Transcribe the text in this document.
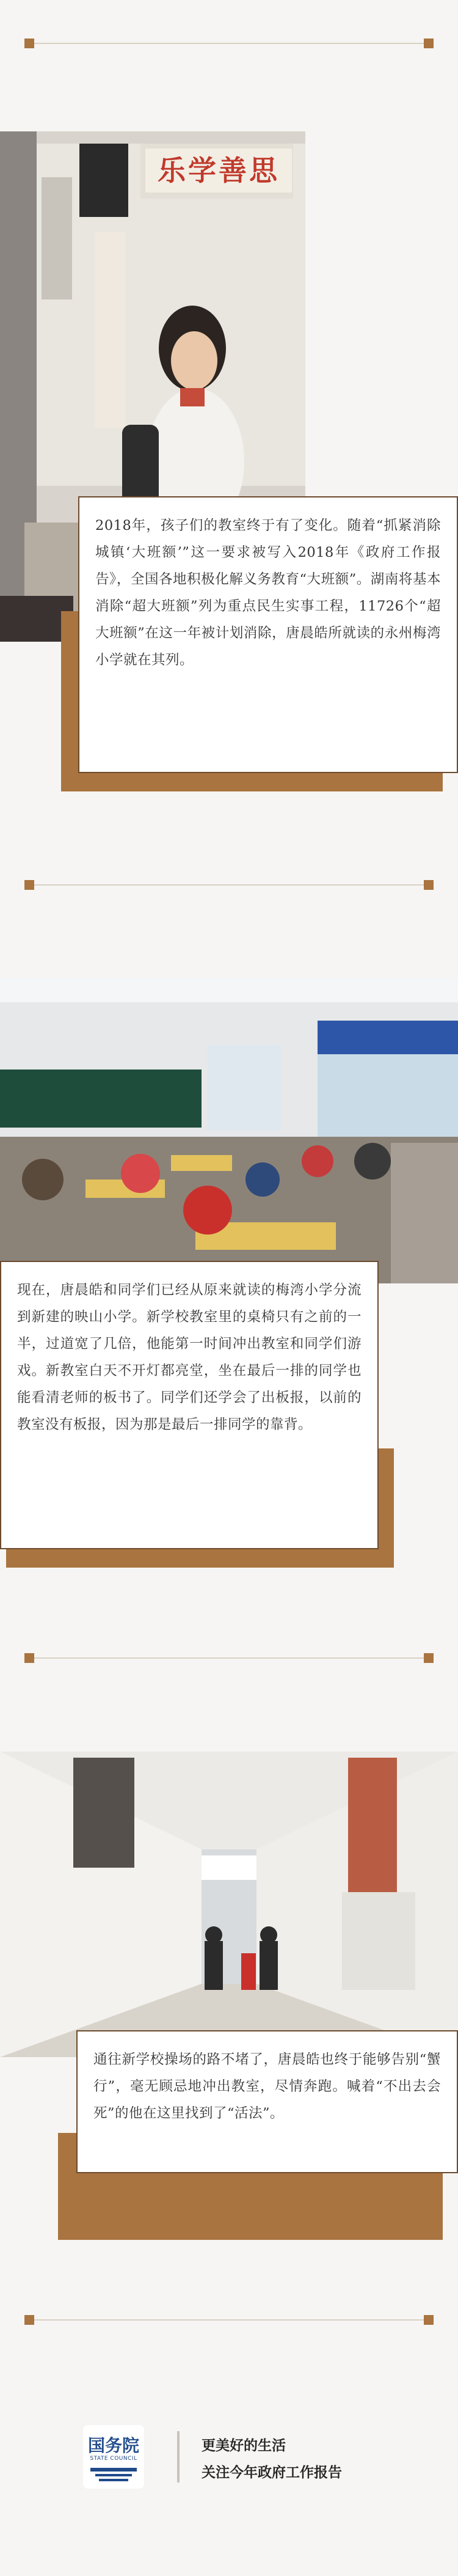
乐学善思

2018年，孩子们的教室终于有了变化。随着“抓紧消除城镇‘大班额’”这一要求被写入2018年《政府工作报告》，全国各地积极化解义务教育“大班额”。湖南将基本消除“超大班额”列为重点民生实事工程，11726个“超大班额”在这一年被计划消除，唐晨皓所就读的永州梅湾小学就在其列。

现在，唐晨皓和同学们已经从原来就读的梅湾小学分流到新建的映山小学。新学校教室里的桌椅只有之前的一半，过道宽了几倍，他能第一时间冲出教室和同学们游戏。新教室白天不开灯都亮堂，坐在最后一排的同学也能看清老师的板书了。同学们还学会了出板报，以前的教室没有板报，因为那是最后一排同学的靠背。

通往新学校操场的路不堵了，唐晨皓也终于能够告别“蟹行”，毫无顾忌地冲出教室，尽情奔跑。喊着“不出去会死”的他在这里找到了“活法”。

国务院
STATE COUNCIL
更美好的生活
关注今年政府工作报告
